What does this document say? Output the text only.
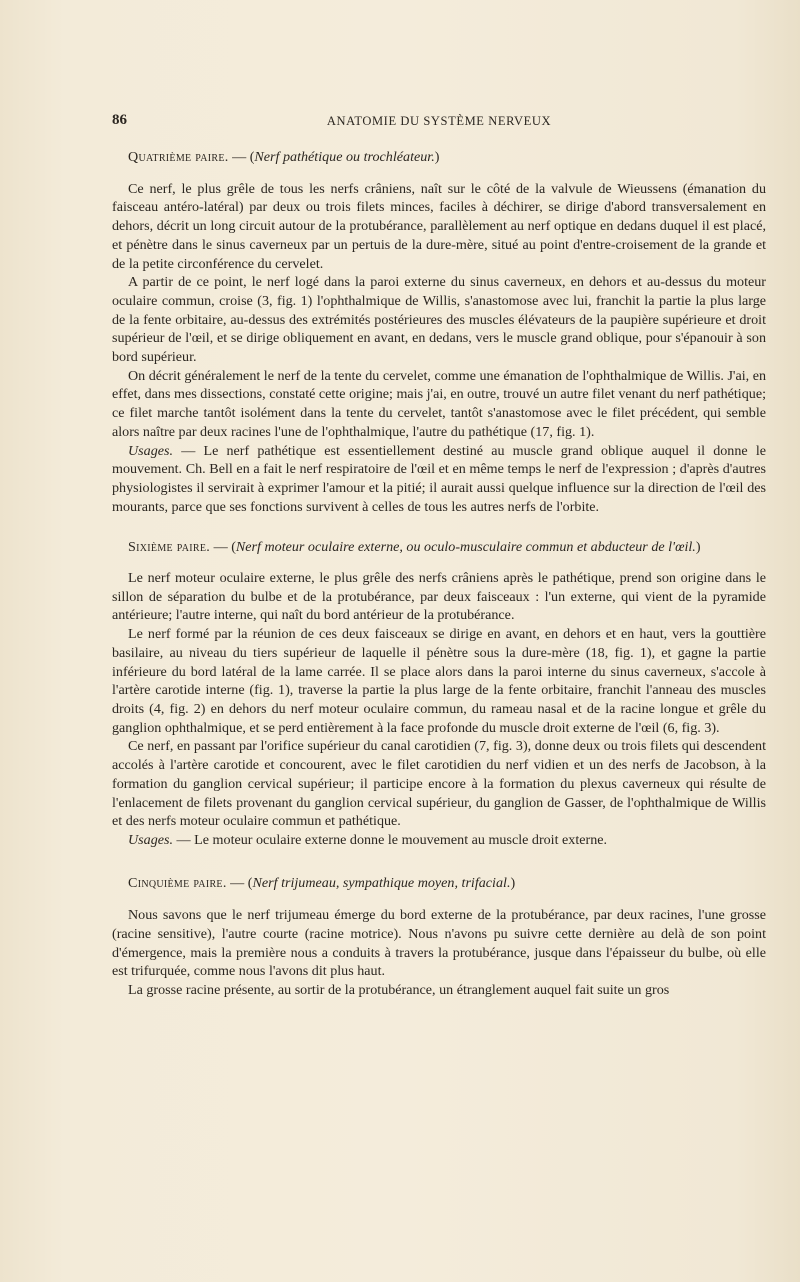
86	ANATOMIE DU SYSTÈME NERVEUX

Quatrième paire. — (Nerf pathétique ou trochléateur.)

Ce nerf, le plus grêle de tous les nerfs crâniens, naît sur le côté de la valvule de Wieussens (émanation du faisceau antéro-latéral) par deux ou trois filets minces, faciles à déchirer, se dirige d'abord transversalement en dehors, décrit un long circuit autour de la protubérance, parallèlement au nerf optique en dedans duquel il est placé, et pénètre dans le sinus caverneux par un pertuis de la dure-mère, situé au point d'entre-croisement de la grande et de la petite circonférence du cervelet.

A partir de ce point, le nerf logé dans la paroi externe du sinus caverneux, en dehors et au-dessus du moteur oculaire commun, croise (3, fig. 1) l'ophthalmique de Willis, s'anastomose avec lui, franchit la partie la plus large de la fente orbitaire, au-dessus des extrémités postérieures des muscles élévateurs de la paupière supérieure et droit supérieur de l'œil, et se dirige obliquement en avant, en dedans, vers le muscle grand oblique, pour s'épanouir à son bord supérieur.

On décrit généralement le nerf de la tente du cervelet, comme une émanation de l'ophthalmique de Willis. J'ai, en effet, dans mes dissections, constaté cette origine; mais j'ai, en outre, trouvé un autre filet venant du nerf pathétique; ce filet marche tantôt isolément dans la tente du cervelet, tantôt s'anastomose avec le filet précédent, qui semble alors naître par deux racines l'une de l'ophthalmique, l'autre du pathétique (17, fig. 1).

Usages. — Le nerf pathétique est essentiellement destiné au muscle grand oblique auquel il donne le mouvement. Ch. Bell en a fait le nerf respiratoire de l'œil et en même temps le nerf de l'expression ; d'après d'autres physiologistes il servirait à exprimer l'amour et la pitié; il aurait aussi quelque influence sur la direction de l'œil des mourants, parce que ses fonctions survivent à celles de tous les autres nerfs de l'orbite.

Sixième paire. — (Nerf moteur oculaire externe, ou oculo-musculaire commun et abducteur de l'œil.)

Le nerf moteur oculaire externe, le plus grêle des nerfs crâniens après le pathétique, prend son origine dans le sillon de séparation du bulbe et de la protubérance, par deux faisceaux : l'un externe, qui vient de la pyramide antérieure; l'autre interne, qui naît du bord antérieur de la protubérance.

Le nerf formé par la réunion de ces deux faisceaux se dirige en avant, en dehors et en haut, vers la gouttière basilaire, au niveau du tiers supérieur de laquelle il pénètre sous la dure-mère (18, fig. 1), et gagne la partie inférieure du bord latéral de la lame carrée. Il se place alors dans la paroi interne du sinus caverneux, s'accole à l'artère carotide interne (fig. 1), traverse la partie la plus large de la fente orbitaire, franchit l'anneau des muscles droits (4, fig. 2) en dehors du nerf moteur oculaire commun, du rameau nasal et de la racine longue et grêle du ganglion ophthalmique, et se perd entièrement à la face profonde du muscle droit externe de l'œil (6, fig. 3).

Ce nerf, en passant par l'orifice supérieur du canal carotidien (7, fig. 3), donne deux ou trois filets qui descendent accolés à l'artère carotide et concourent, avec le filet carotidien du nerf vidien et un des nerfs de Jacobson, à la formation du ganglion cervical supérieur; il participe encore à la formation du plexus caverneux qui résulte de l'enlacement de filets provenant du ganglion cervical supérieur, du ganglion de Gasser, de l'ophthalmique de Willis et des nerfs moteur oculaire commun et pathétique.

Usages. — Le moteur oculaire externe donne le mouvement au muscle droit externe.

Cinquième paire. — (Nerf trijumeau, sympathique moyen, trifacial.)

Nous savons que le nerf trijumeau émerge du bord externe de la protubérance, par deux racines, l'une grosse (racine sensitive), l'autre courte (racine motrice). Nous n'avons pu suivre cette dernière au delà de son point d'émergence, mais la première nous a conduits à travers la protubérance, jusque dans l'épaisseur du bulbe, où elle est trifurquée, comme nous l'avons dit plus haut.

La grosse racine présente, au sortir de la protubérance, un étranglement auquel fait suite un gros
